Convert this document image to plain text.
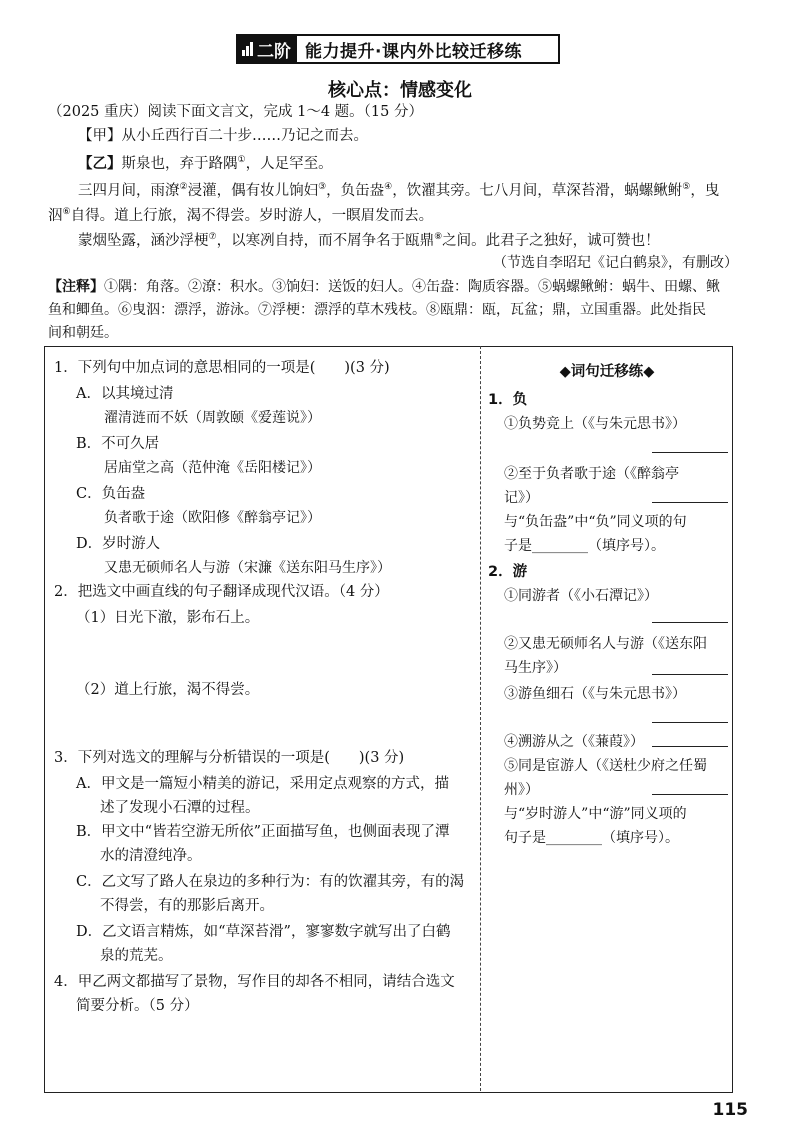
二阶 能力提升·课内外比较迁移练
核心点：情感变化
（2025 重庆）阅读下面文言文，完成 1～4 题。（15 分）
【甲】从小丘西行百二十步……乃记之而去。
【乙】斯泉也，弃于路隅①，人足罕至。
三四月间，雨潦②浸灌，偶有妆儿饷妇③，负缶盎④，饮濯其旁。七八月间，草深苔滑，蜗螺鳅鲋⑤，曳
泅⑥自得。道上行旅，渴不得尝。岁时游人，一瞑眉发而去。
蒙烟坠露，涵沙浮梗⑦，以寒冽自持，而不屑争名于瓯鼎⑧之间。此君子之独好，诚可赞也！
（节选自李昭玘《记白鹤泉》，有删改）
【注释】①隅：角落。②潦：积水。③饷妇：送饭的妇人。④缶盎：陶质容器。⑤蜗螺鳅鲋：蜗牛、田螺、鳅
鱼和鲫鱼。⑥曳泅：漂浮，游泳。⑦浮梗：漂浮的草木残枝。⑧瓯鼎：瓯，瓦盆；鼎，立国重器。此处指民
间和朝廷。
1．下列句中加点词的意思相同的一项是(　　)(3 分)
A．以其境过清
濯清涟而不妖（周敦颐《爱莲说》）
B．不可久居
居庙堂之高（范仲淹《岳阳楼记》）
C．负缶盎
负者歌于途（欧阳修《醉翁亭记》）
D．岁时游人
又患无硕师名人与游（宋濂《送东阳马生序》）
2．把选文中画直线的句子翻译成现代汉语。（4 分）
（1）日光下澈，影布石上。
（2）道上行旅，渴不得尝。
3．下列对选文的理解与分析错误的一项是(　　)(3 分)
A．甲文是一篇短小精美的游记，采用定点观察的方式，描
述了发现小石潭的过程。
B．甲文中“皆若空游无所依”正面描写鱼，也侧面表现了潭
水的清澄纯净。
C．乙文写了路人在泉边的多种行为：有的饮濯其旁，有的渴
不得尝，有的那影后离开。
D．乙文语言精炼，如“草深苔滑”，寥寥数字就写出了白鹤
泉的荒芜。
4．甲乙两文都描写了景物，写作目的却各不相同，请结合选文
简要分析。（5 分）
◆词句迁移练◆
1．负
①负势竞上（《与朱元思书》）
②至于负者歌于途（《醉翁亭
记》）
与“负缶盎”中“负”同义项的句
子是________（填序号）。
2．游
①同游者（《小石潭记》）
②又患无硕师名人与游（《送东阳
马生序》）
③游鱼细石（《与朱元思书》）
④溯游从之（《蒹葭》）
⑤同是宦游人（《送杜少府之任蜀
州》）
与“岁时游人”中“游”同义项的
句子是________（填序号）。
115
